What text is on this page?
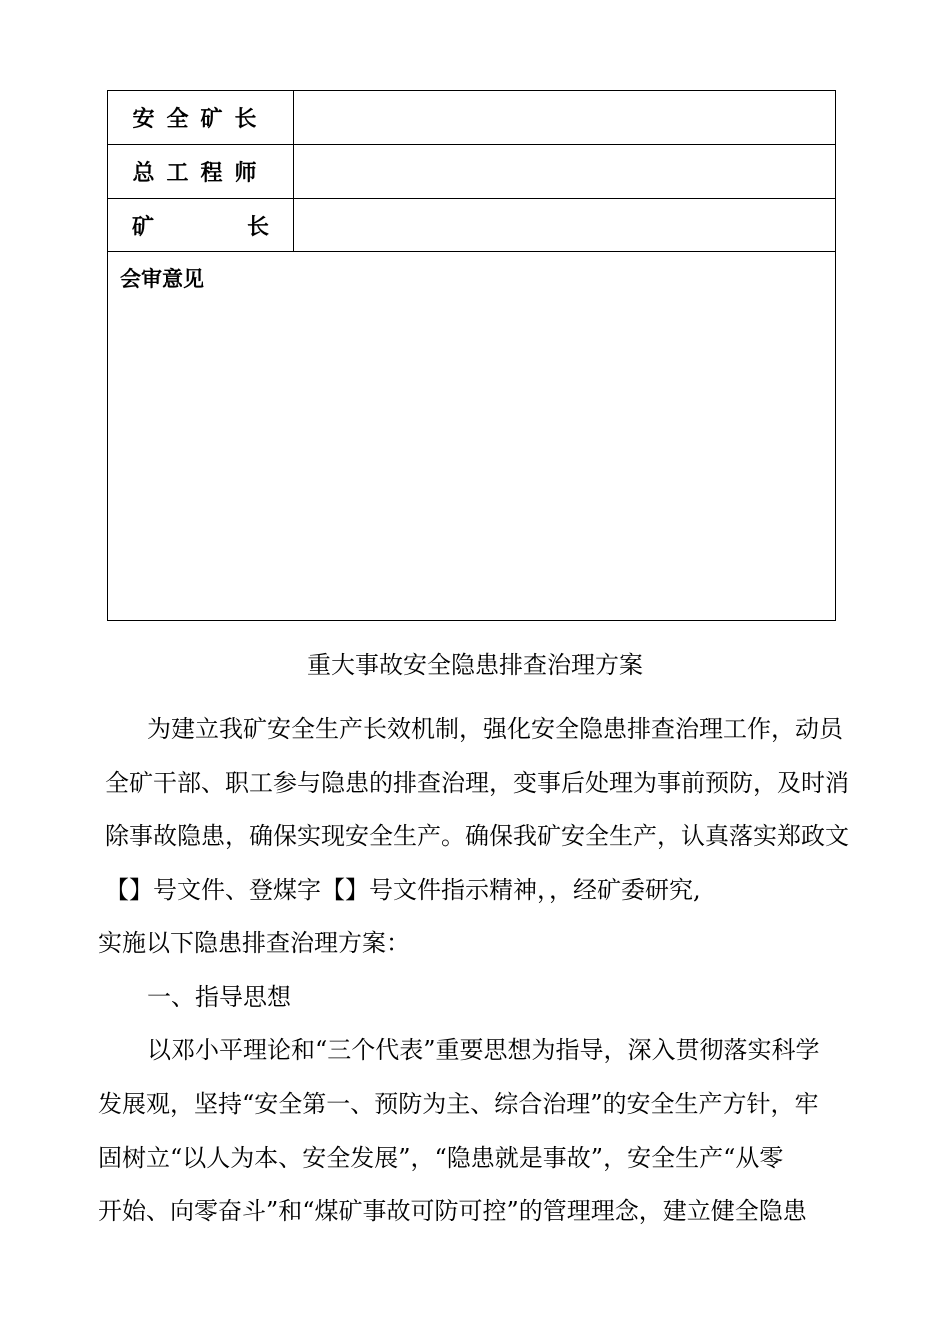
安全矿长
总工程师
矿	长
会审意见
重大事故安全隐患排查治理方案
为建立我矿安全生产长效机制，强化安全隐患排查治理工作，动员
全矿干部、职工参与隐患的排查治理，变事后处理为事前预防，及时消
除事故隐患，确保实现安全生产。确保我矿安全生产，认真落实郑政文
【】号文件、登煤字【】号文件指示精神，，经矿委研究,
实施以下隐患排查治理方案：
一、指导思想
以邓小平理论和“三个代表”重要思想为指导，深入贯彻落实科学
发展观，坚持“安全第一、预防为主、综合治理”的安全生产方针，牢
固树立“以人为本、安全发展”，“隐患就是事故”，安全生产“从零
开始、向零奋斗”和“煤矿事故可防可控”的管理理念，建立健全隐患
